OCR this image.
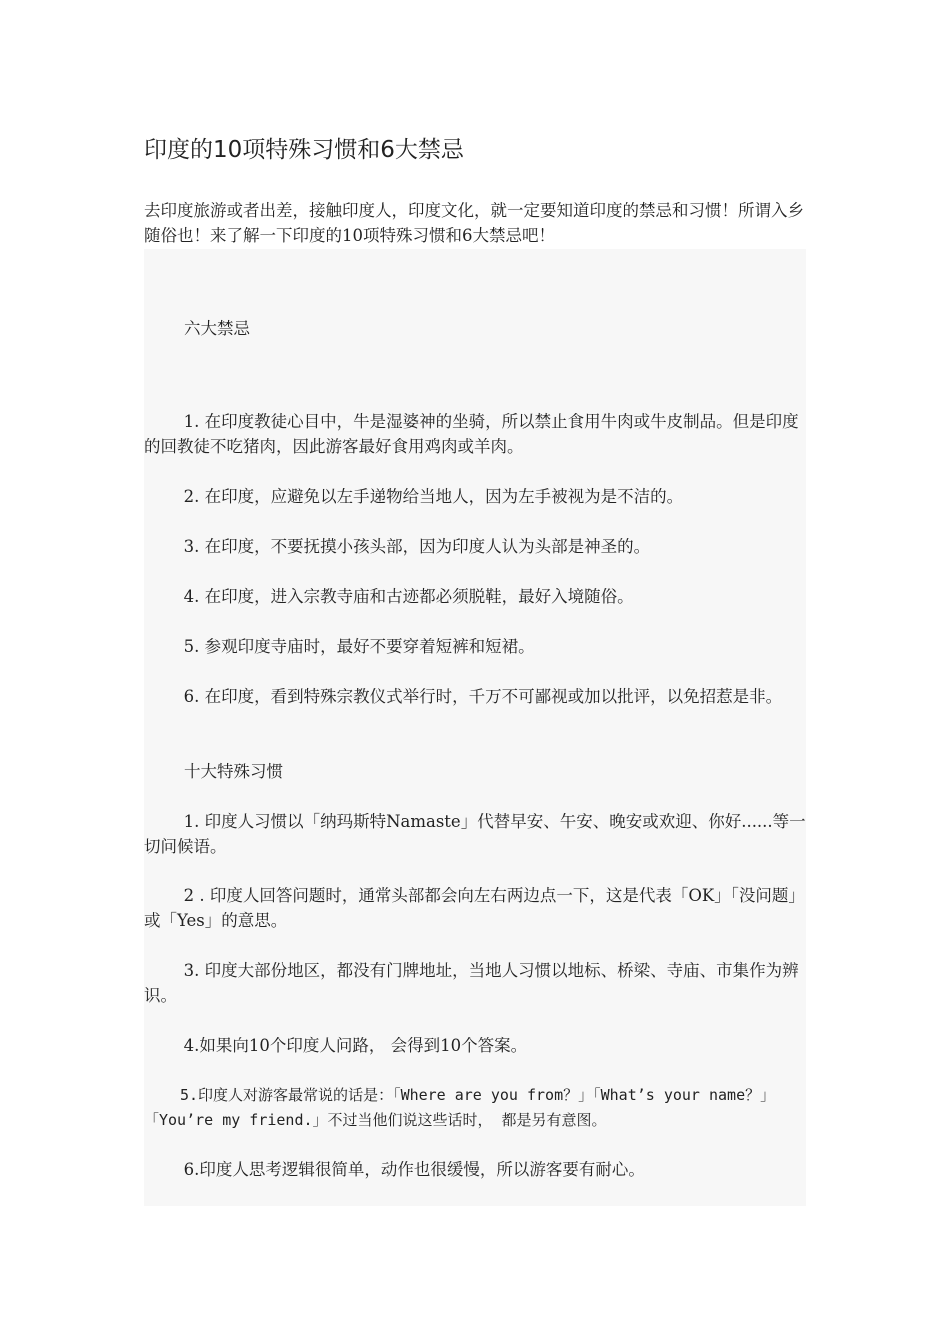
印度的10项特殊习惯和6大禁忌

去印度旅游或者出差，接触印度人，印度文化，就一定要知道印度的禁忌和习惯！所谓入乡随俗也！来了解一下印度的10项特殊习惯和6大禁忌吧！

六大禁忌

1. 在印度教徒心目中，牛是湿婆神的坐骑，所以禁止食用牛肉或牛皮制品。但是印度的回教徒不吃猪肉，因此游客最好食用鸡肉或羊肉。

2. 在印度，应避免以左手递物给当地人，因为左手被视为是不洁的。

3. 在印度，不要抚摸小孩头部，因为印度人认为头部是神圣的。

4. 在印度，进入宗教寺庙和古迹都必须脱鞋，最好入境随俗。

5. 参观印度寺庙时，最好不要穿着短裤和短裙。

6. 在印度，看到特殊宗教仪式举行时，千万不可鄙视或加以批评，以免招惹是非。

十大特殊习惯

1. 印度人习惯以「纳玛斯特Namaste」代替早安、午安、晚安或欢迎、你好......等一切问候语。

2 . 印度人回答问题时，通常头部都会向左右两边点一下，这是代表「OK」「没问题」或「Yes」的意思。

3. 印度大部份地区，都没有门牌地址，当地人习惯以地标、桥梁、寺庙、市集作为辨识。

4.如果向10个印度人问路， 会得到10个答案。

5.印度人对游客最常说的话是：「Where are you from？」「What’s your name？」「You’re my friend.」不过当他们说这些话时， 都是另有意图。

6.印度人思考逻辑很简单，动作也很缓慢，所以游客要有耐心。
